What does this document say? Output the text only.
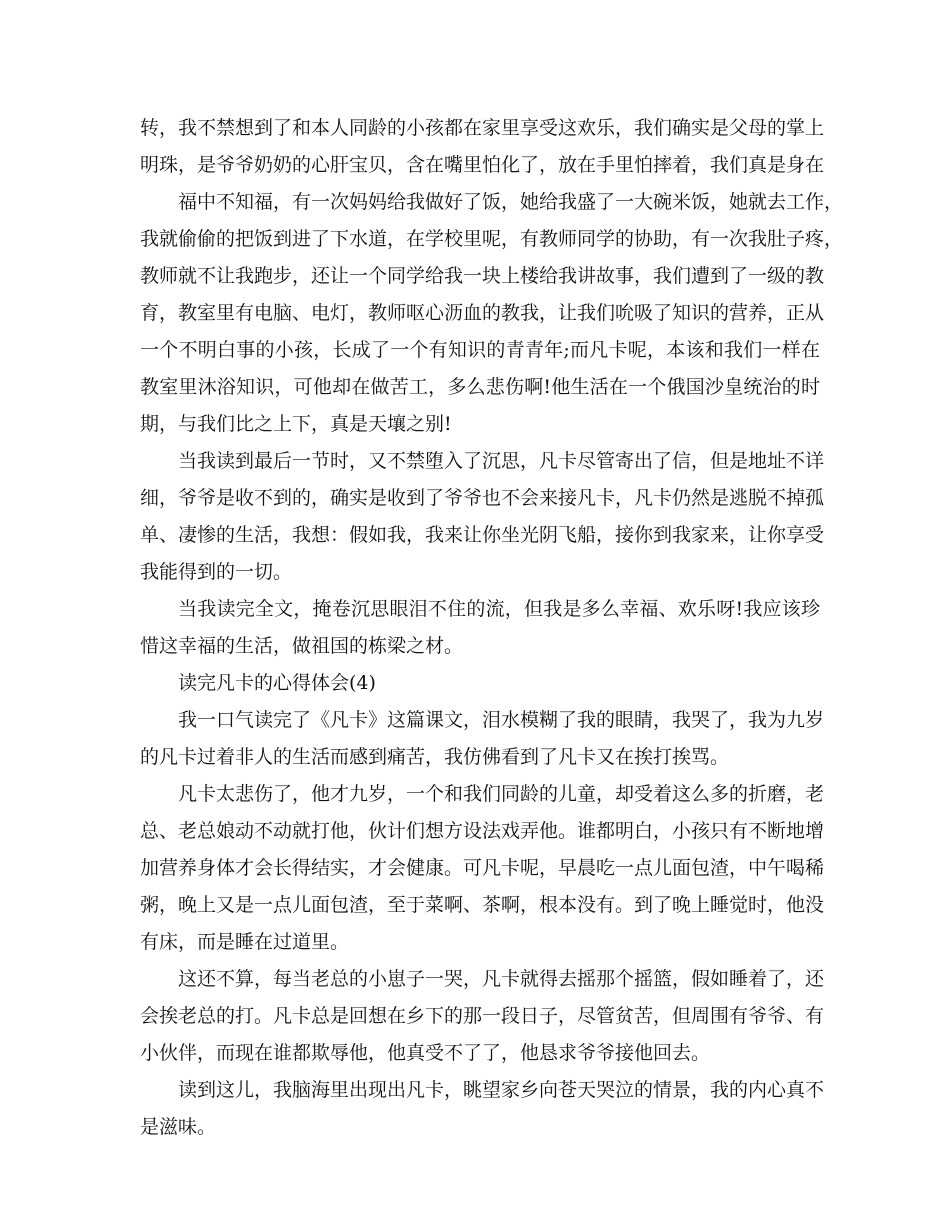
转，我不禁想到了和本人同龄的小孩都在家里享受这欢乐，我们确实是父母的掌上
明珠，是爷爷奶奶的心肝宝贝，含在嘴里怕化了，放在手里怕摔着，我们真是身在
福中不知福，有一次妈妈给我做好了饭，她给我盛了一大碗米饭，她就去工作，
我就偷偷的把饭到进了下水道，在学校里呢，有教师同学的协助，有一次我肚子疼，
教师就不让我跑步，还让一个同学给我一块上楼给我讲故事，我们遭到了一级的教
育，教室里有电脑、电灯，教师呕心沥血的教我，让我们吮吸了知识的营养，正从
一个不明白事的小孩，长成了一个有知识的青青年;而凡卡呢，本该和我们一样在
教室里沐浴知识，可他却在做苦工，多么悲伤啊!他生活在一个俄国沙皇统治的时
期，与我们比之上下，真是天壤之别!
当我读到最后一节时，又不禁堕入了沉思，凡卡尽管寄出了信，但是地址不详
细，爷爷是收不到的，确实是收到了爷爷也不会来接凡卡，凡卡仍然是逃脱不掉孤
单、凄惨的生活，我想：假如我，我来让你坐光阴飞船，接你到我家来，让你享受
我能得到的一切。
当我读完全文，掩卷沉思眼泪不住的流，但我是多么幸福、欢乐呀!我应该珍
惜这幸福的生活，做祖国的栋梁之材。
读完凡卡的心得体会(4)
我一口气读完了《凡卡》这篇课文，泪水模糊了我的眼睛，我哭了，我为九岁
的凡卡过着非人的生活而感到痛苦，我仿佛看到了凡卡又在挨打挨骂。
凡卡太悲伤了，他才九岁，一个和我们同龄的儿童，却受着这么多的折磨，老
总、老总娘动不动就打他，伙计们想方设法戏弄他。谁都明白，小孩只有不断地增
加营养身体才会长得结实，才会健康。可凡卡呢，早晨吃一点儿面包渣，中午喝稀
粥，晚上又是一点儿面包渣，至于菜啊、茶啊，根本没有。到了晚上睡觉时，他没
有床，而是睡在过道里。
这还不算，每当老总的小崽子一哭，凡卡就得去摇那个摇篮，假如睡着了，还
会挨老总的打。凡卡总是回想在乡下的那一段日子，尽管贫苦，但周围有爷爷、有
小伙伴，而现在谁都欺辱他，他真受不了了，他恳求爷爷接他回去。
读到这儿，我脑海里出现出凡卡，眺望家乡向苍天哭泣的情景，我的内心真不
是滋味。
